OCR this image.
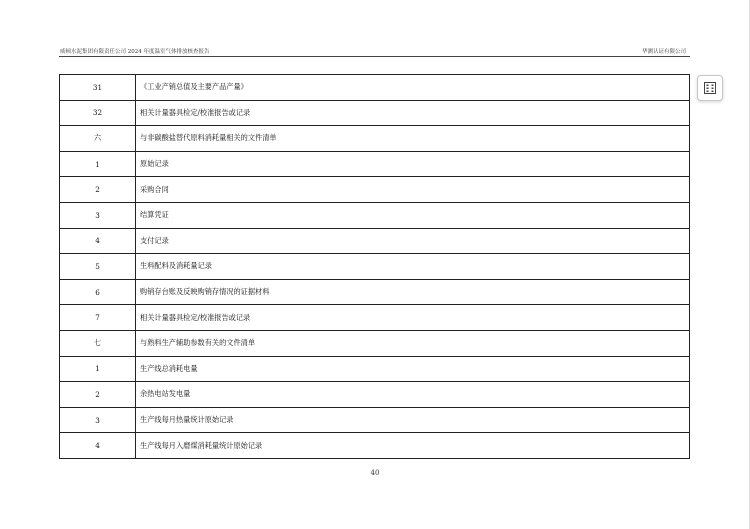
威顿水泥集团有限责任公司 2024 年度温室气体排放核查报告	华测认证有限公司
31	《工业产销总值及主要产品产量》
32	相关计量器具检定/校准报告或记录
六	与非碳酸盐替代原料消耗量相关的文件清单
1	原始记录
2	采购合同
3	结算凭证
4	支付记录
5	生料配料及消耗量记录
6	购销存台账及反映购销存情况的证据材料
7	相关计量器具检定/校准报告或记录
七	与熟料生产辅助参数有关的文件清单
1	生产线总消耗电量
2	余热电站发电量
3	生产线每月热量统计原始记录
4	生产线每月入磨煤消耗量统计原始记录
40
